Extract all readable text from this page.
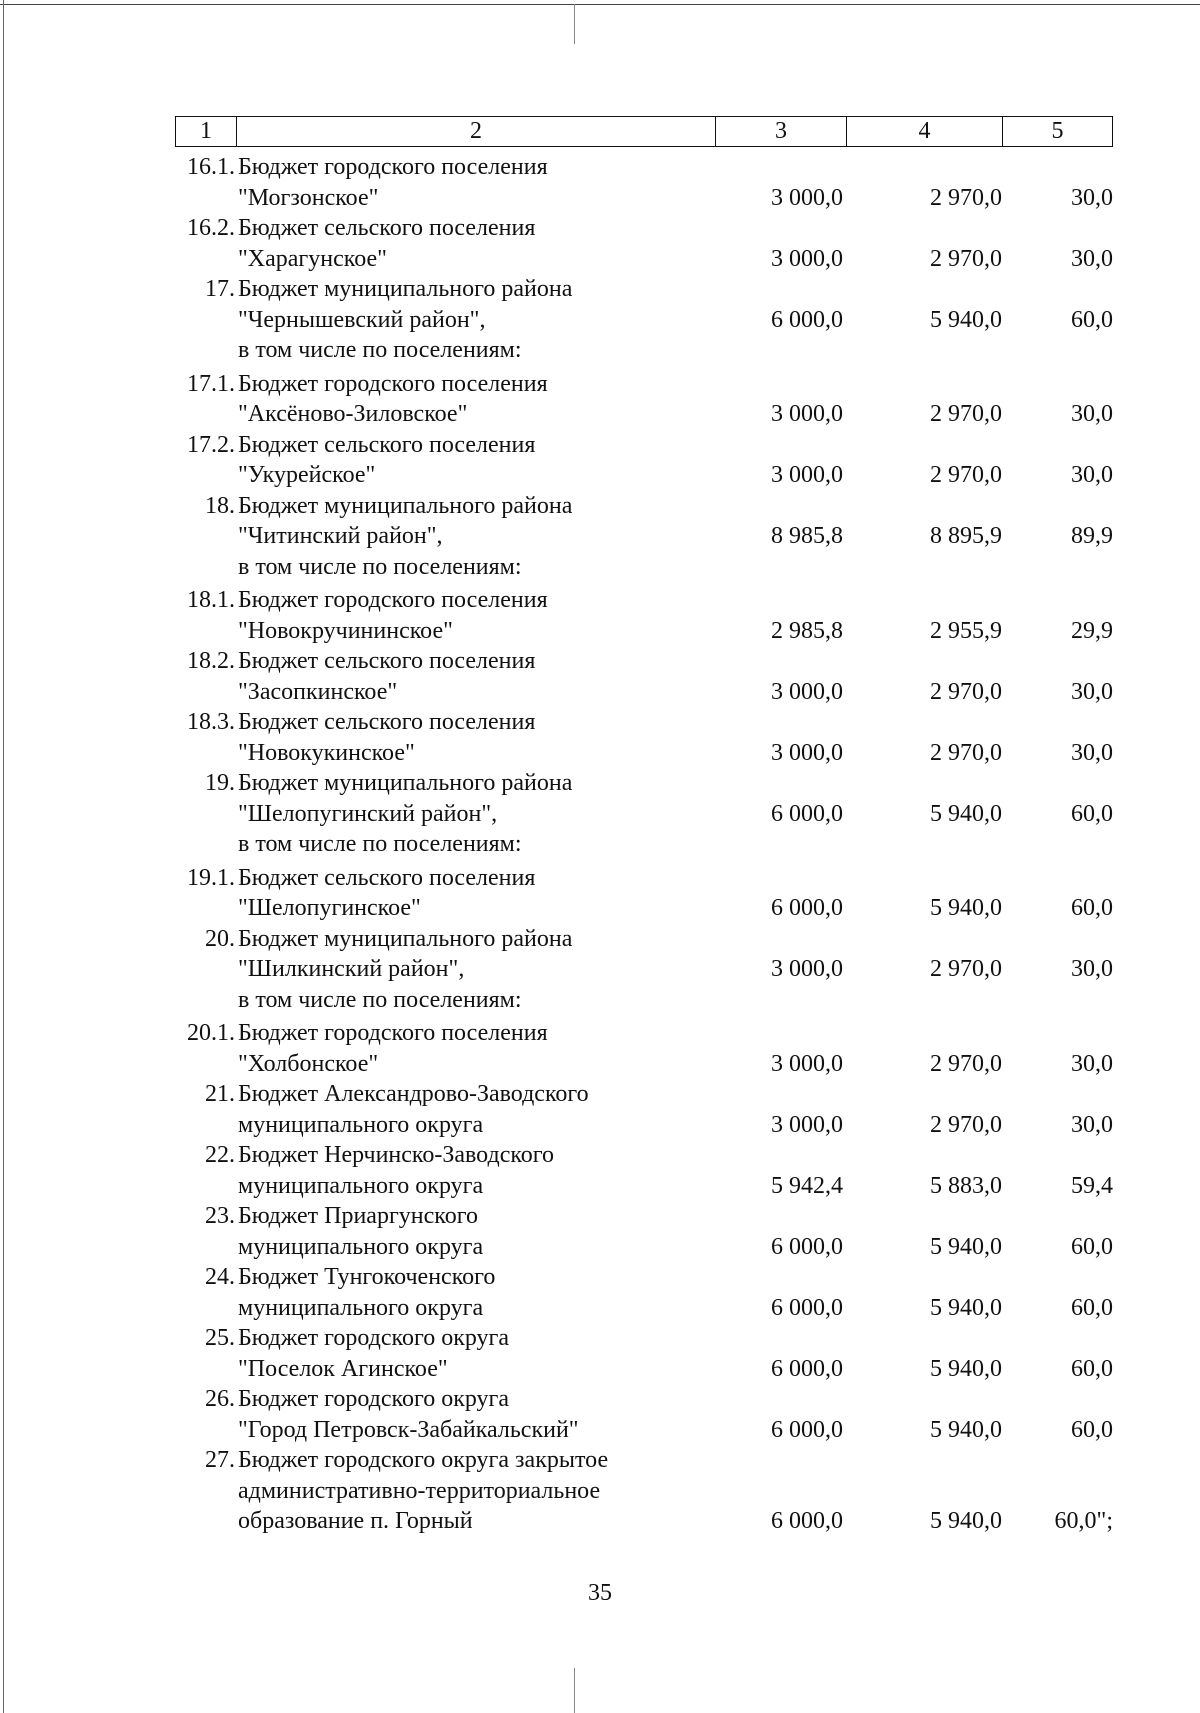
1	2	3	4	5
16.1. Бюджет городского поселения
"Могзонское"	3 000,0	2 970,0	30,0
16.2. Бюджет сельского поселения
"Харагунское"	3 000,0	2 970,0	30,0
17. Бюджет муниципального района
"Чернышевский район",
в том числе по поселениям:
6 000,0	5 940,0	60,0
17.1. Бюджет городского поселения
"Аксёново-Зиловское"	3 000,0	2 970,0	30,0
17.2. Бюджет сельского поселения
"Укурейское"	3 000,0	2 970,0	30,0
18. Бюджет муниципального района
"Читинский район",
в том числе по поселениям:
8 985,8	8 895,9	89,9
18.1. Бюджет городского поселения
"Новокручининское"	2 985,8	2 955,9	29,9
18.2. Бюджет сельского поселения
"Засопкинское"	3 000,0	2 970,0	30,0
18.3. Бюджет сельского поселения
"Новокукинское"	3 000,0	2 970,0	30,0
19. Бюджет муниципального района
"Шелопугинский район",
в том числе по поселениям:
6 000,0	5 940,0	60,0
19.1. Бюджет сельского поселения
"Шелопугинское"	6 000,0	5 940,0	60,0
20. Бюджет муниципального района
"Шилкинский район",
в том числе по поселениям:
3 000,0	2 970,0	30,0
20.1. Бюджет городского поселения
"Холбонское"	3 000,0	2 970,0	30,0
21. Бюджет Александрово-Заводского
муниципального округа	3 000,0	2 970,0	30,0
22. Бюджет Нерчинско-Заводского
муниципального округа	5 942,4	5 883,0	59,4
23. Бюджет Приаргунского
муниципального округа	6 000,0	5 940,0	60,0
24. Бюджет Тунгокоченского
муниципального округа	6 000,0	5 940,0	60,0
25. Бюджет городского округа
"Поселок Агинское"	6 000,0	5 940,0	60,0
26. Бюджет городского округа
"Город Петровск-Забайкальский"	6 000,0	5 940,0	60,0
27. Бюджет городского округа закрытое
административно-территориальное
образование п. Горный	6 000,0	5 940,0 60,0";
35
